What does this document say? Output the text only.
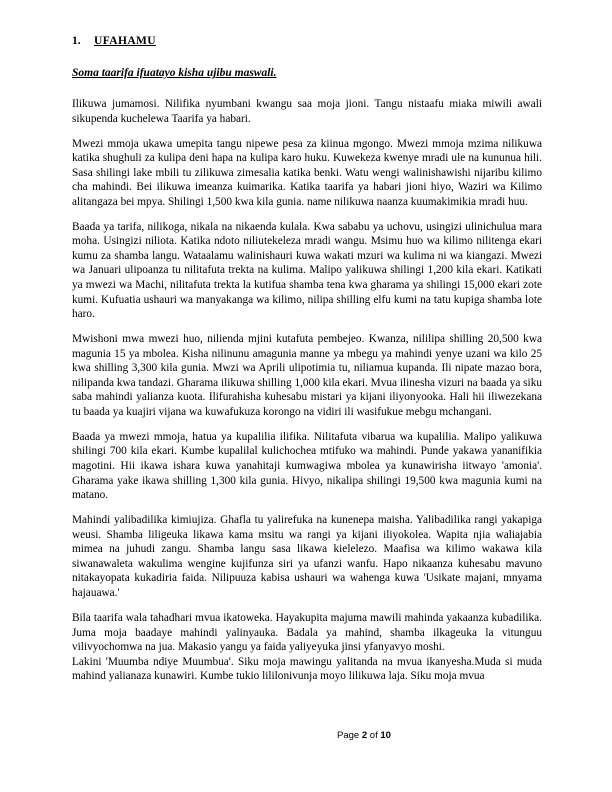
1. UFAHAMU
Soma taarifa ifuatayo kisha ujibu maswali.

Ilikuwa jumamosi. Nilifika nyumbani kwangu saa moja jioni. Tangu nistaafu miaka miwili awali sikupenda kuchelewa Taarifa ya habari.

Mwezi mmoja ukawa umepita tangu nipewe pesa za kiinua mgongo. Mwezi mmoja mzima nilikuwa katika shughuli za kulipa deni hapa na kulipa karo huku. Kuwekeza kwenye mradi ule na kununua hili. Sasa shilingi lake mbili tu zilikuwa zimesalia katika benki. Watu wengi walinishawishi nijaribu kilimo cha mahindi. Bei ilikuwa imeanza kuimarika. Katika taarifa ya habari jioni hiyo, Waziri wa Kilimo alitangaza bei mpya. Shilingi 1,500 kwa kila gunia. name nilikuwa naanza kuumakimikia mradi huu.

Baada ya tarifa, nilikoga, nikala na nikaenda kulala. Kwa sababu ya uchovu, usingizi ulinichulua mara moha. Usingizi niliota. Katika ndoto niliutekeleza mradi wangu. Msimu huo wa kilimo nilitenga ekari kumu za shamba langu. Wataalamu walinishauri kuwa wakati mzuri wa kulima ni wa kiangazi. Mwezi wa Januari ulipoanza tu nilitafuta trekta na kulima. Malipo yalikuwa shilingi 1,200 kila ekari. Katikati ya mwezi wa Machi, nilitafuta trekta la kutifua shamba tena kwa gharama ya shilingi 15,000 ekari zote kumi. Kufuatia ushauri wa manyakanga wa kilimo, nilipa shilling elfu kumi na tatu kupiga shamba lote haro.

Mwishoni mwa mwezi huo, nilienda mjini kutafuta pembejeo. Kwanza, nililipa shilling 20,500 kwa magunia 15 ya mbolea. Kisha nilinunu amagunia manne ya mbegu ya mahindi yenye uzani wa kilo 25 kwa shilling 3,300 kila gunia. Mwzi wa Aprili ulipotimia tu, niliamua kupanda. Ili nipate mazao bora, nilipanda kwa tandazi. Gharama ilikuwa shilling 1,000 kila ekari. Mvua ilinesha vizuri na baada ya siku saba mahindi yalianza kuota. Ilifurahisha kuhesabu mistari ya kijani iliyonyooka. Hali hii iliwezekana tu baada ya kuajiri vijana wa kuwafukuza korongo na vidiri ili wasifukue mebgu mchangani.

Baada ya mwezi mmoja, hatua ya kupalilia ilifika. Nilitafuta vibarua wa kupalilia. Malipo yalikuwa shilingi 700 kila ekari. Kumbe kupalilal kulichochea mtifuko wa mahindi. Punde yakawa yananifikia magotini. Hii ikawa ishara kuwa yanahitaji kumwagiwa mbolea ya kunawirisha iitwayo 'amonia'. Gharama yake ikawa shilling 1,300 kila gunia. Hivyo, nikalipa shilingi 19,500 kwa magunia kumi na matano.

Mahindi yalibadilika kimiujiza. Ghafla tu yalirefuka na kunenepa maisha. Yalibadilika rangi yakapiga weusi. Shamba liligeuka likawa kama msitu wa rangi ya kijani iliyokolea. Wapita njia waliajabia mimea na juhudi zangu. Shamba langu sasa likawa kielelezo. Maafisa wa kilimo wakawa kila siwanawaleta wakulima wengine kujifunza siri ya ufanzi wanfu. Hapo nikaanza kuhesabu mavuno nitakayopata kukadiria faida. Nilipuuza kabisa ushauri wa wahenga kuwa 'Usikate majani, mnyama hajauawa.'

Bila taarifa wala tahadhari mvua ikatoweka. Hayakupita majuma mawili mahinda yakaanza kubadilika. Juma moja baadaye mahindi yalinyauka. Badala ya mahind, shamba ilkageuka la vitunguu vilivyochomwa na jua. Makasio yangu ya faida yaliyeyuka jinsi yfanyavyo moshi.
Lakini 'Muumba ndiye Muumbua'. Siku moja mawingu yalitanda na mvua ikanyesha.Muda si muda mahind yalianaza kunawiri. Kumbe tukio lililonivunja moyo lilikuwa laja. Siku moja mvua

Page 2 of 10
